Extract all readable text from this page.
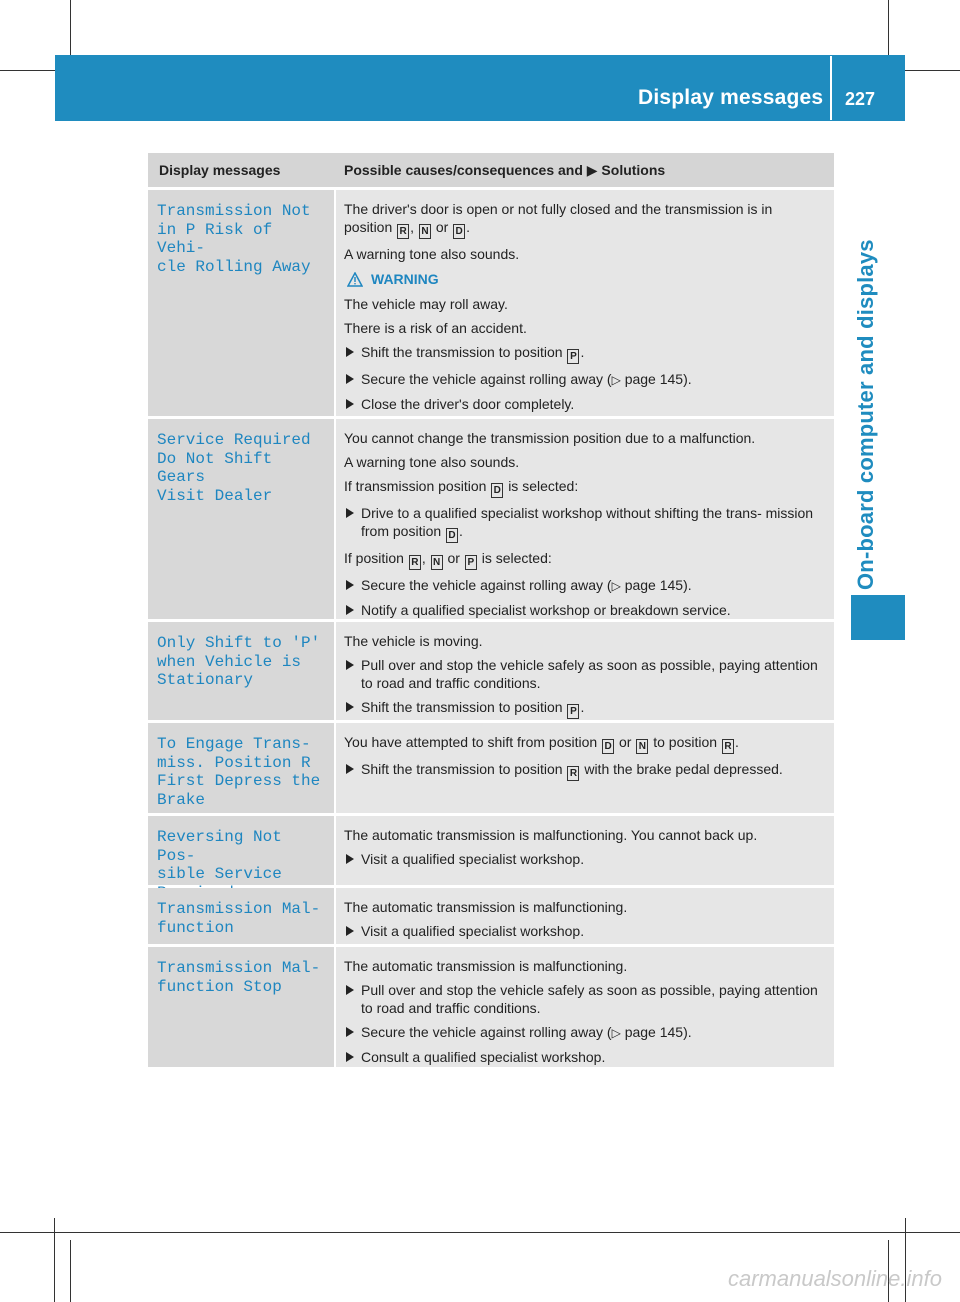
Display messages 227
On-board computer and displays
Display messages	Possible causes/consequences and ▶ Solutions
Transmission Not
in P Risk of Vehi‐
cle Rolling Away
The driver's door is open or not fully closed and the transmission is in position R , N or D .
A warning tone also sounds.
WARNING
The vehicle may roll away.
There is a risk of an accident.
Shift the transmission to position P .
Secure the vehicle against rolling away (▷ page 145).
Close the driver's door completely.
Service Required
Do Not Shift Gears
Visit Dealer
You cannot change the transmission position due to a malfunction.
A warning tone also sounds.
If transmission position D is selected:
Drive to a qualified specialist workshop without shifting the trans‐ mission from position D .
If position R , N or P is selected:
Secure the vehicle against rolling away (▷ page 145).
Notify a qualified specialist workshop or breakdown service.
Only Shift to 'P'
when Vehicle is
Stationary
The vehicle is moving.
Pull over and stop the vehicle safely as soon as possible, paying attention to road and traffic conditions.
Shift the transmission to position P .
To Engage Trans‐
miss. Position R
First Depress the
Brake
You have attempted to shift from position D or N to position R .
Shift the transmission to position R with the brake pedal depressed.
Reversing Not Pos‐
sible Service

The automatic transmission is malfunctioning. You cannot back up.
Visit a qualified specialist workshop.
Transmission Mal‐
function
The automatic transmission is malfunctioning.
Visit a qualified specialist workshop.
Transmission Mal‐
function Stop
The automatic transmission is malfunctioning.
Pull over and stop the vehicle safely as soon as possible, paying attention to road and traffic conditions.
Secure the vehicle against rolling away (▷ page 145).
Consult a qualified specialist workshop.
carmanualsonline.info
